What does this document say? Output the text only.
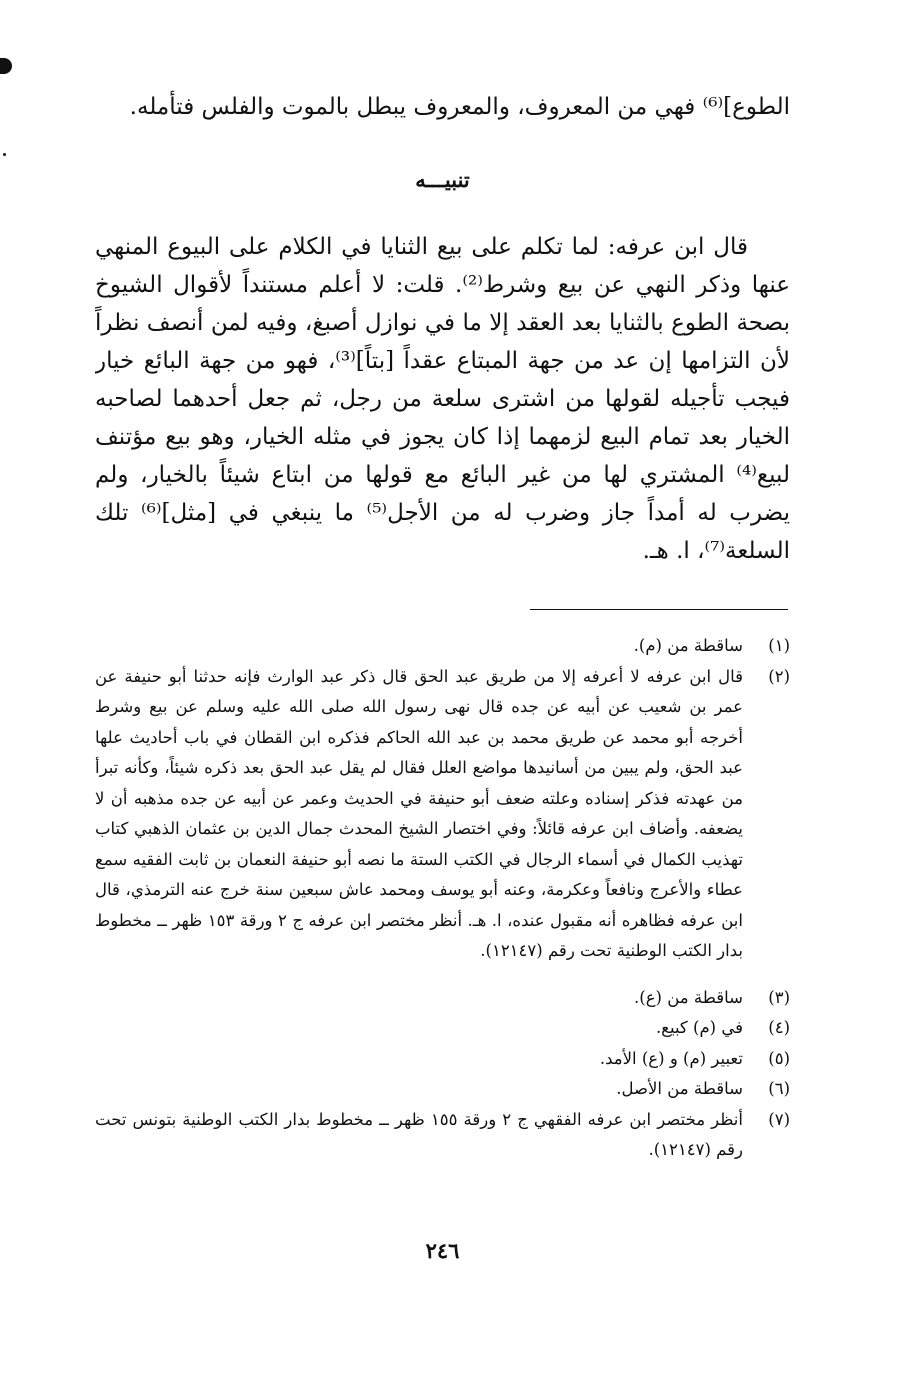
الطوع]⁽⁶⁾ فهي من المعروف، والمعروف يبطل بالموت والفلس فتأمله.
تنبيـــه

قال ابن عرفه: لما تكلم على بيع الثنايا في الكلام على البيوع المنهي عنها وذكر النهي عن بيع وشرط⁽²⁾. قلت: لا أعلم مستنداً لأقوال الشيوخ بصحة الطوع بالثنايا بعد العقد إلا ما في نوازل أصبغ، وفيه لمن أنصف نظراً لأن التزامها إن عد من جهة المبتاع عقداً [بتاً]⁽³⁾، فهو من جهة البائع خيار فيجب تأجيله لقولها من اشترى سلعة من رجل، ثم جعل أحدهما لصاحبه الخيار بعد تمام البيع لزمهما إذا كان يجوز في مثله الخيار، وهو بيع مؤتنف لبيع⁽⁴⁾ المشتري لها من غير البائع مع قولها من ابتاع شيئاً بالخيار، ولم يضرب له أمداً جاز وضرب له من الأجل⁽⁵⁾ ما ينبغي في [مثل]⁽⁶⁾ تلك السلعة⁽⁷⁾، ا. هـ.

(١)

ساقطة من (م).

(٢)

قال ابن عرفه لا أعرفه إلا من طريق عبد الحق قال ذكر عبد الوارث فإنه حدثنا أبو حنيفة عن عمر بن شعيب عن أبيه عن جده قال نهى رسول الله صلى الله عليه وسلم عن بيع وشرط أخرجه أبو محمد عن طريق محمد بن عبد الله الحاكم فذكره ابن القطان في باب أحاديث علها عبد الحق، ولم يبين من أسانيدها مواضع العلل فقال لم يقل عبد الحق بعد ذكره شيئاً، وكأنه تبرأ من عهدته فذكر إسناده وعلته ضعف أبو حنيفة في الحديث وعمر عن أبيه عن جده مذهبه أن لا يضعفه. وأضاف ابن عرفه قائلاً: وفي اختصار الشيخ المحدث جمال الدين بن عثمان الذهبي كتاب تهذيب الكمال في أسماء الرجال في الكتب الستة ما نصه أبو حنيفة النعمان بن ثابت الفقيه سمع عطاء والأعرج ونافعاً وعكرمة، وعنه أبو يوسف ومحمد عاش سبعين سنة خرج عنه الترمذي، قال ابن عرفه فظاهره أنه مقبول عنده، ا. هـ. أنظر مختصر ابن عرفه ج ٢ ورقة ١٥٣ ظهر ــ مخطوط بدار الكتب الوطنية تحت رقم (١٢١٤٧).

(٣)

ساقطة من (ع).

(٤)

في (م) كبيع.

(٥)

تعبير (م) و (ع) الأمد.

(٦)

ساقطة من الأصل.

(٧)

أنظر مختصر ابن عرفه الفقهي ج ٢ ورقة ١٥٥ ظهر ــ مخطوط بدار الكتب الوطنية بتونس تحت رقم (١٢١٤٧).

٢٤٦
